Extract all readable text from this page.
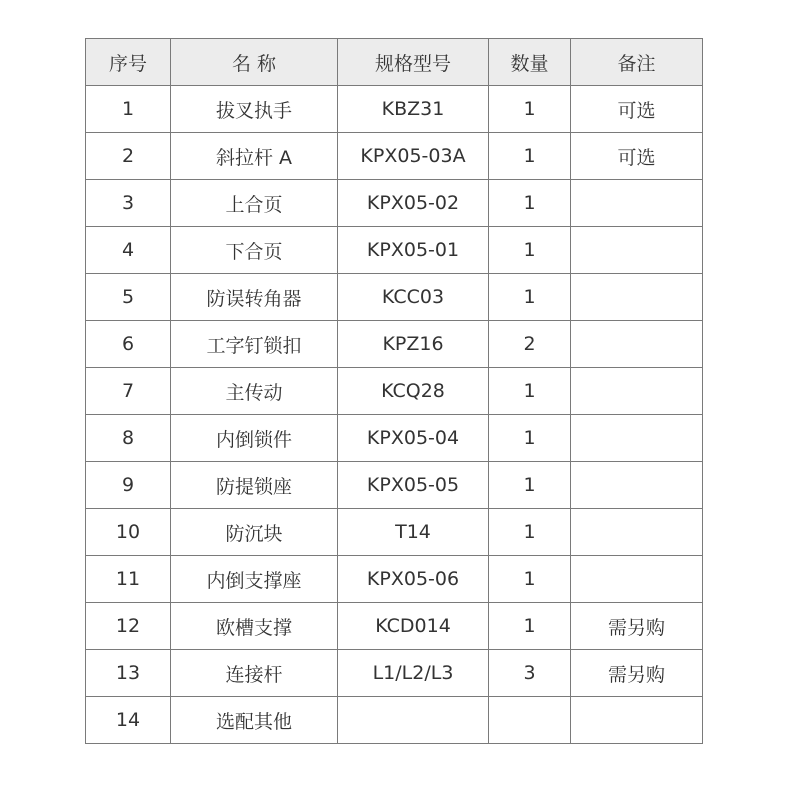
序号	名 称	规格型号	数量	备注
1	拔叉执手	KBZ31	1	可选
2	斜拉杆 A	KPX05-03A	1	可选
3	上合页	KPX05-02	1	
4	下合页	KPX05-01	1	
5	防误转角器	KCC03	1	
6	工字钉锁扣	KPZ16	2	
7	主传动	KCQ28	1	
8	内倒锁件	KPX05-04	1	
9	防提锁座	KPX05-05	1	
10	防沉块	T14	1	
11	内倒支撑座	KPX05-06	1	
12	欧槽支撑	KCD014	1	需另购
13	连接杆	L1/L2/L3	3	需另购
14	选配其他			
